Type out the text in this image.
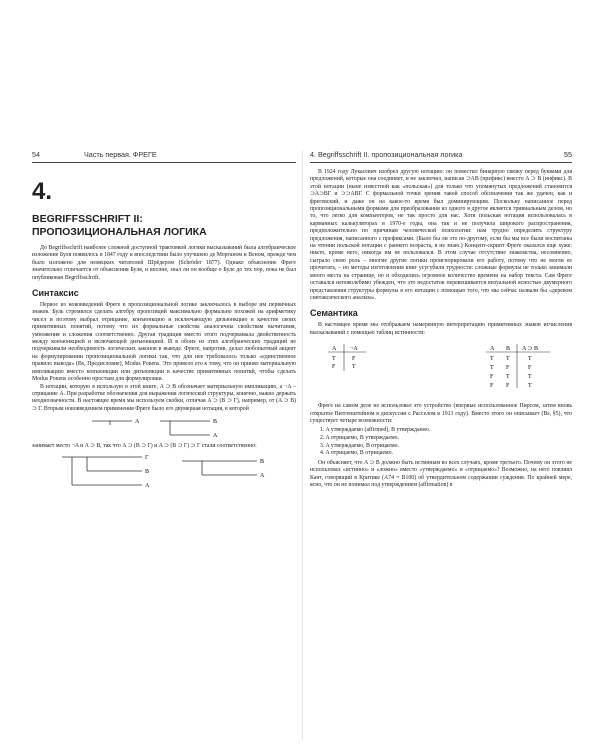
54	Часть первая. ФРЕГЕ
4.
BEGRIFFSSCHRIFT II:
ПРОПОЗИЦИОНАЛЬНАЯ ЛОГИКА

До Begriffsschrift наиболее сложной доступной трактовкой логики высказываний была алгебраическое изложение Буля появилось в 1847 году и впоследствии было улучшено де Морганом и Веном, прежде чем было изложено для немецких читателей Шрёдером (Schröder 1877). Однако объяснение Фреге значительно отличается от объяснения Буля, и вполне, знал ли он вообще о Буле до тех пор, пока не был опубликован Begriffsschrift.

Синтаксис

Первое из нововведений Фреге в пропозициональной логике заключалось в выборе им первичных знаков. Буль стремился сделать алгебру пропозиций максимально формально похожей на арифметику чисел и поэтому выбрал отрицание, конъюнкцию и исключающую дизъюнкцию в качестве своих примитивных понятий, потому что их формальные свойства аналогичны свойствам вычитания, умножения и сложения соответственно. Другая традиция вместо этого подчеркивала двойственность между конъюнкцией и включающей дизъюнкцией. И в обоих из этих алгебраических традиций не подчеркивали необходимость логических законов в выводе. Фреге, напротив, делал любопытный акцент на формулировании пропозициональной логики так, что для нее требовалось только «единственное правило вывода» (Bs, Предисловие), Modus Ponens. Это привело его к тому, что он принял материальную импликацию вместо конъюнкции или дизъюнкции в качестве примитивных понятий, чтобы сделать Modus Ponens особенно простым для формулировки.

В нотации, которую я использую в этой книге, A ⊃ B обозначает материальную импликацию, а ¬A – отрицание A. При разработке обозначения для выражения логической структуры, конечно, важно держать неоднозначности. В настоящее время мы используем скобки, отличая A ⊃ (B ⊃ Γ), например, от (A ⊃ B) ⊃ Γ. Вторым нововведением применения Фреге было его двумерная нотация, в которой

A	B
A

занимает место ¬A и A ⊃ B, так что A ⊃ (B ⊃ Γ) и A ⊃ (B ⊃ Γ) ⊃ Γ стали соответственно:

Γ
B
A
B
A
4. Begriffsschrift II. пропозициональная логика	55

В 1924 году Лукасевич изобрел другую нотацию: он поместил бинарную связку перед буквами для предложений, которые она соединяет, и не заключил, написав ⊃AB (префикс) вместо A ⊃ B (инфикс). В этой нотации (ныне известной как «польская») для только что упомянутых предложений становится ⊃A⊃BΓ и ⊃⊃ABΓ. С формальной точки зрения такой способ обозначения так же удачен, как и фрегевский, и даже он на какое-то время был доминирующим. Поскольку написанное перед пропозициональными формами для преобразования из одного в другое является тривиальным делом, но то, что легко для компьютеров, не так просто для нас. Хотя польская нотация использовалась в карманных калькуляторах в 1970-е годы, она так и не получила широкого распространения, предположительно по причинам человеческой психологии: нам трудно определить структуру предложения, написанного с префиксами. (Было бы ли это по-другому, если бы мы все были воспитаны на чтении польской нотации с раннего возраста, я не знаю.) Концепт-скрипт Фреге оказался еще хуже: никто, кроме него, никогда им не пользовался. В этом случае отсутствие знакомства, несомненно, сыграло свою роль – многие другие логики проигнорировали его работу, потому что не могли ее прочитать, – но методы изготовления книг усугубили трудности: сложные формулы не только занимали много места на странице, но и обходились огромное количество времени на набор текста. Сам Фреге оставался непоколебимо убежден, что это недостаток перевешивается визуальной ясностью двумерного представления структуры формулы в его нотации с помощью того, что мы сейчас назвали бы «деревом синтаксического анализа».

Семантика

В настоящее время мы отображаем намеренную интерпретацию примитивных знаков исчисления высказываний с помощью таблиц истинности:

A ¬A
T	F
F	T
A B A ⊃ B
T T	T
T F	F
F T	T
F F	T

Фреге на самом деле не использовал это устройство (впервые использованное Пирсом, затем вновь открытое Витгенштейном в дискуссии с Расселом в 1913 году). Вместо этого он описывает (Bs, §5), что существует четыре возможности:

1. A утверждаемо (affirmed), B утверждаемо.
2. A отрицаемо, B утверждаемо.
3. A утверждаемо, B отрицаемо.
4. A отрицаемо, B отрицаемо.

Он объясняет, что A ⊃ B должно быть истинным во всех случаях, кроме третьего. Почему он этого не использовал «истинно» и «ложно» вместо «утверждаемо» и «отрицаемо»? Возможно, на него повлиял Кант, говорящий в Критике (A74 = B100) об утвердительном содержании суждения. По крайней мере, ясно, что он не понимал под утверждением (affirmation) в
